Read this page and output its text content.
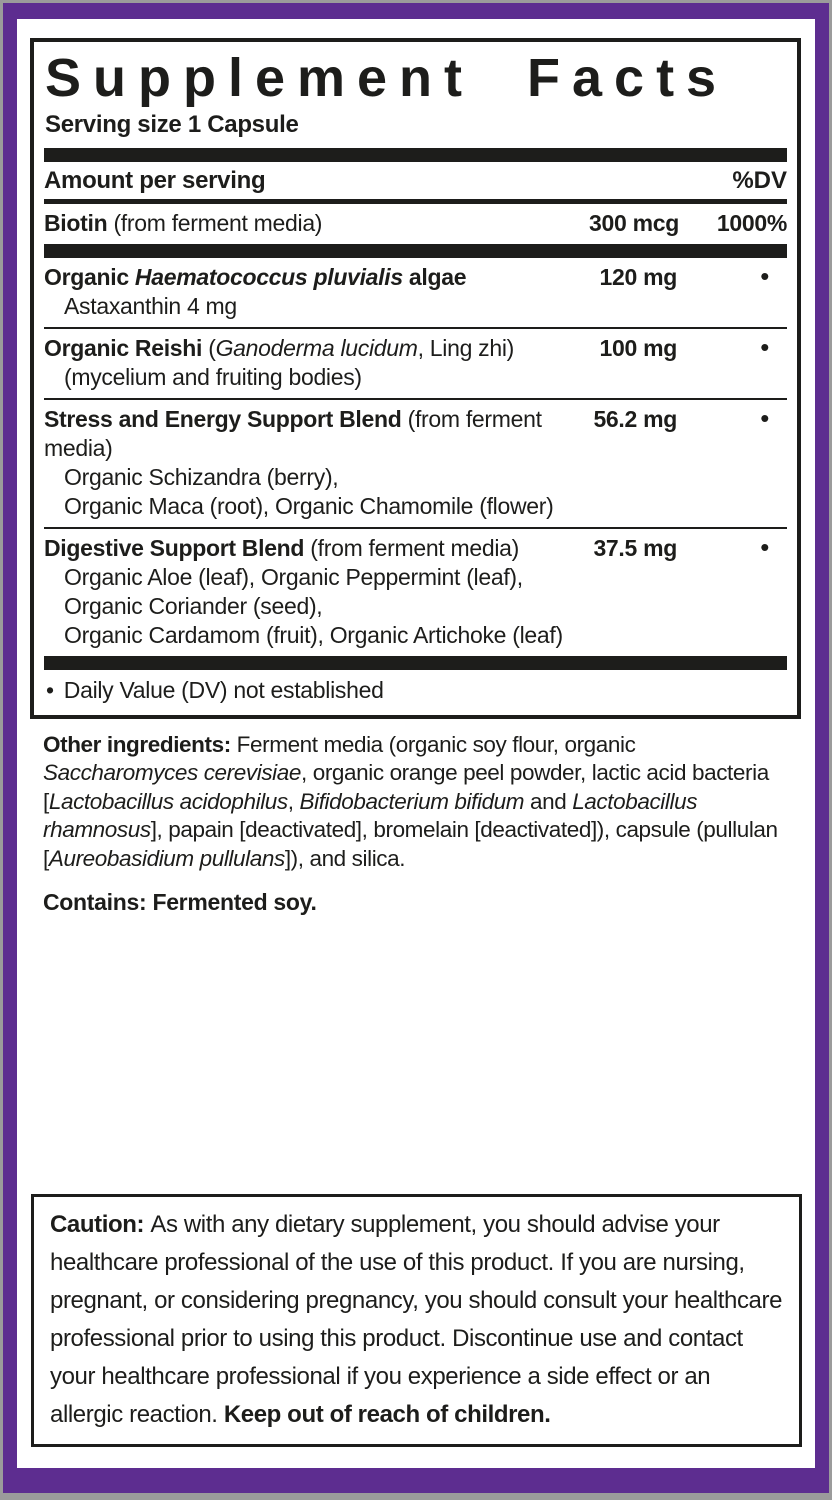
Supplement Facts
Serving size 1 Capsule
Amount per serving	%DV
Biotin (from ferment media)	300 mcg	1000%
Organic Haematococcus pluvialis algae
Astaxanthin 4 mg
120 mg	•
Organic Reishi (Ganoderma lucidum, Ling zhi)
(mycelium and fruiting bodies)
100 mg	•
Stress and Energy Support Blend (from ferment media)
Organic Schizandra (berry),
Organic Maca (root), Organic Chamomile (flower)
56.2 mg	•
Digestive Support Blend (from ferment media)
Organic Aloe (leaf), Organic Peppermint (leaf), Organic Coriander (seed),
Organic Cardamom (fruit), Organic Artichoke (leaf)
37.5 mg	•
• Daily Value (DV) not established

Other ingredients: Ferment media (organic soy flour, organic Saccharomyces cerevisiae, organic orange peel powder, lactic acid bacteria [Lactobacillus acidophilus, Bifidobacterium bifidum and Lactobacillus rhamnosus], papain [deactivated], bromelain [deactivated]), capsule (pullulan [Aureobasidium pullulans]), and silica.

Contains: Fermented soy.

Caution: As with any dietary supplement, you should advise your healthcare professional of the use of this product. If you are nursing, pregnant, or considering pregnancy, you should consult your healthcare professional prior to using this product. Discontinue use and contact your healthcare professional if you experience a side effect or an allergic reaction. Keep out of reach of children.
